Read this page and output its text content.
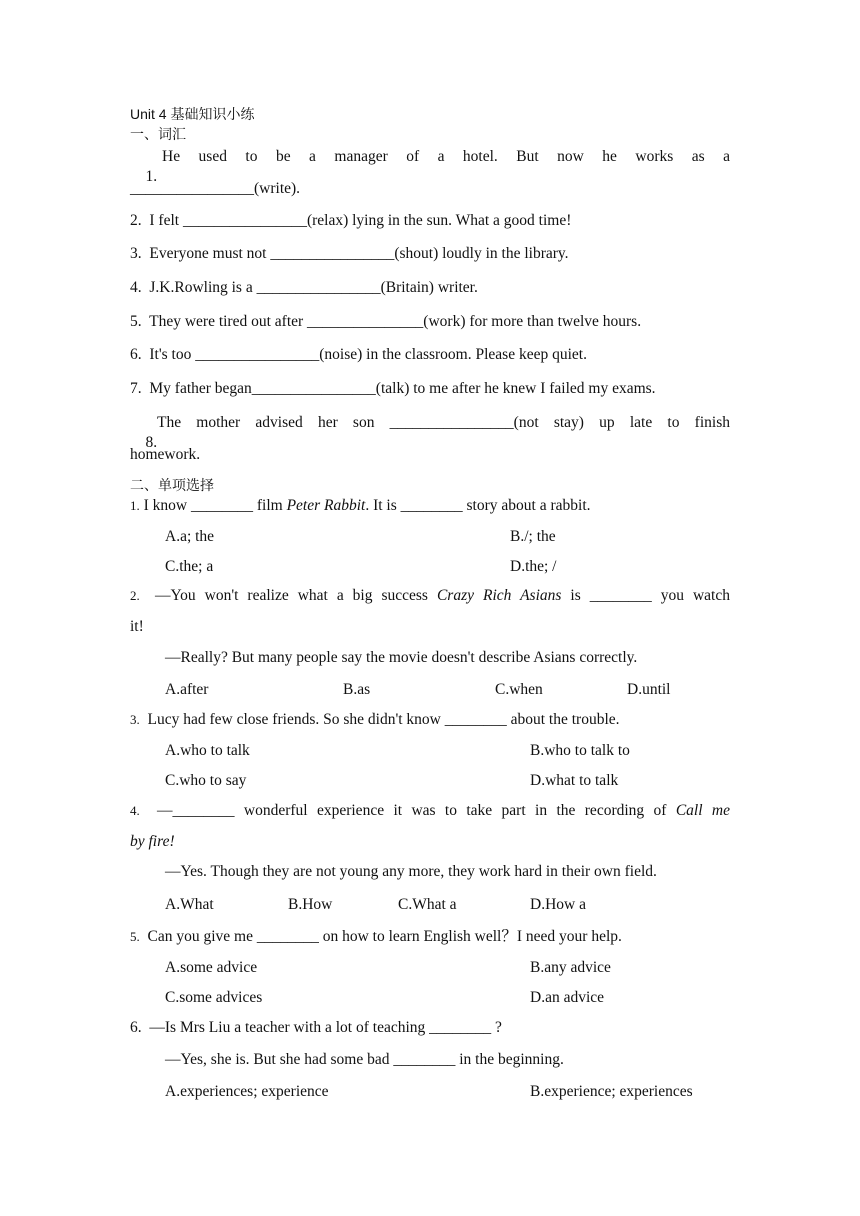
Unit 4 基础知识小练
一、词汇

1.

He used to be a manager of a hotel. But now he works as a
________________(write).
2. I felt ________________(relax) lying in the sun. What a good time!
3. Everyone must not ________________(shout) loudly in the library.
4. J.K.Rowling is a ________________(Britain) writer.
5. They were tired out after _______________(work) for more than twelve hours.
6. It's too ________________(noise) in the classroom. Please keep quiet.
7. My father began________________(talk) to me after he knew I failed my exams.

8.

The mother advised her son ________________(not stay) up late to finish
homework.
二、单项选择
1. I know ________ film Peter Rabbit. It is ________ story about a rabbit.
A.a; the	B./; the
C.the; a	D.the; /
2. —You won't realize what a big success Crazy Rich Asians is ________ you watch
it!
—Really? But many people say the movie doesn't describe Asians correctly.
A.after	B.as	C.when	D.until
3. Lucy had few close friends. So she didn't know ________ about the trouble.
A.who to talk	B.who to talk to
C.who to say	D.what to talk
4. —________ wonderful experience it was to take part in the recording of Call me
by fire!
—Yes. Though they are not young any more, they work hard in their own field.
A.What	B.How	C.What a	D.How a
5. Can you give me ________ on how to learn English well？I need your help.
A.some advice	B.any advice
C.some advices	D.an advice
6. —Is Mrs Liu a teacher with a lot of teaching ________ ?
—Yes, she is. But she had some bad ________ in the beginning.
A.experiences; experience	B.experience; experiences
